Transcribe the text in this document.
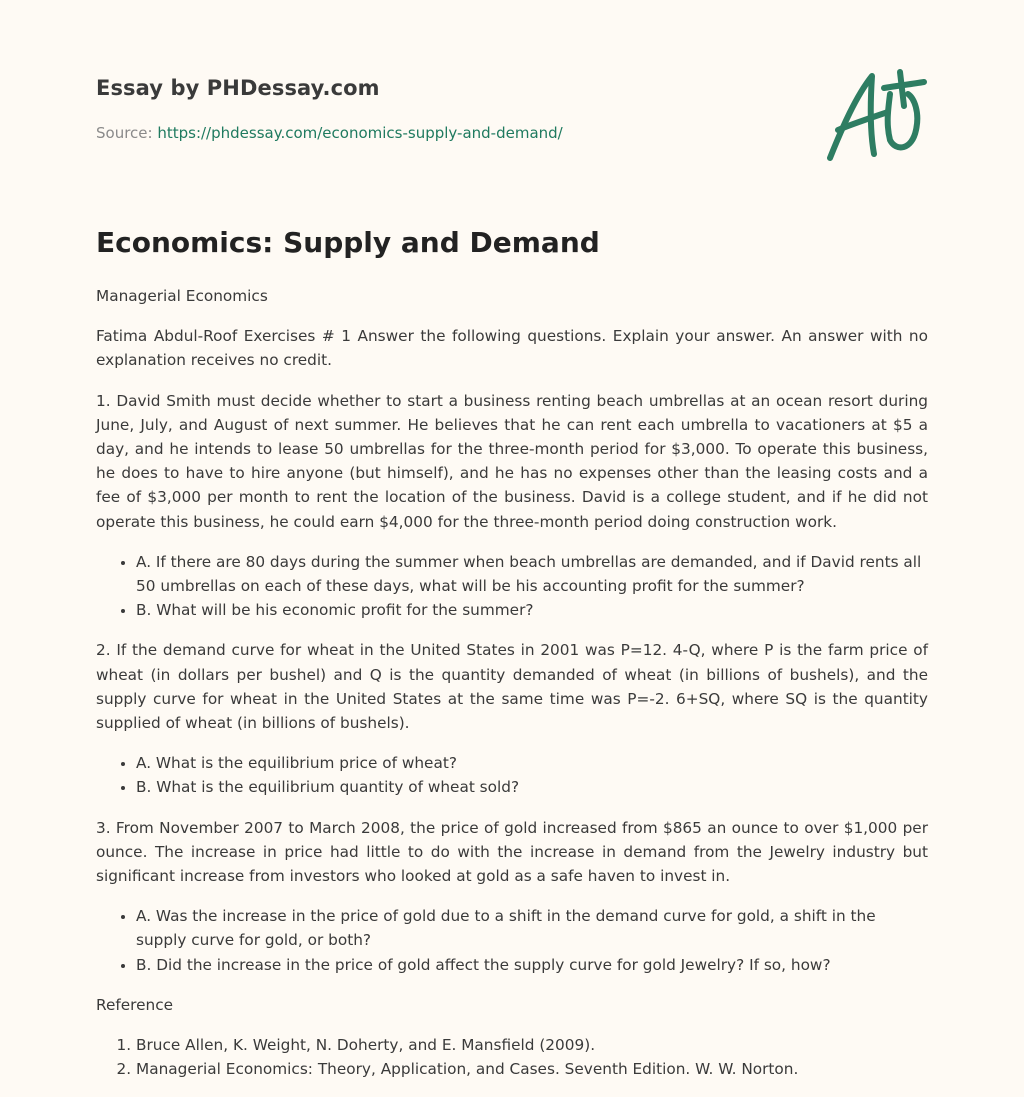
Essay by PHDessay.com
Source: https://phdessay.com/economics-supply-and-demand/
Economics: Supply and Demand

Managerial Economics

Fatima Abdul-Roof Exercises # 1 Answer the following questions. Explain your answer. An answer with no explanation receives no credit.

1. David Smith must decide whether to start a business renting beach umbrellas at an ocean resort during June, July, and August of next summer. He believes that he can rent each umbrella to vacationers at $5 a day, and he intends to lease 50 umbrellas for the three-month period for $3,000. To operate this business, he does to have to hire anyone (but himself), and he has no expenses other than the leasing costs and a fee of $3,000 per month to rent the location of the business. David is a college student, and if he did not operate this business, he could earn $4,000 for the three-month period doing construction work.

• A. If there are 80 days during the summer when beach umbrellas are demanded, and if David rents all 50 umbrellas on each of these days, what will be his accounting profit for the summer?
• B. What will be his economic profit for the summer?

2. If the demand curve for wheat in the United States in 2001 was P=12. 4-Q, where P is the farm price of wheat (in dollars per bushel) and Q is the quantity demanded of wheat (in billions of bushels), and the supply curve for wheat in the United States at the same time was P=-2. 6+SQ, where SQ is the quantity supplied of wheat (in billions of bushels).

• A. What is the equilibrium price of wheat?
• B. What is the equilibrium quantity of wheat sold?

3. From November 2007 to March 2008, the price of gold increased from $865 an ounce to over $1,000 per ounce. The increase in price had little to do with the increase in demand from the Jewelry industry but significant increase from investors who looked at gold as a safe haven to invest in.

• A. Was the increase in the price of gold due to a shift in the demand curve for gold, a shift in the supply curve for gold, or both?
• B. Did the increase in the price of gold affect the supply curve for gold Jewelry? If so, how?

Reference

1. Bruce Allen, K. Weight, N. Doherty, and E. Mansfield (2009).
2. Managerial Economics: Theory, Application, and Cases. Seventh Edition. W. W. Norton.
